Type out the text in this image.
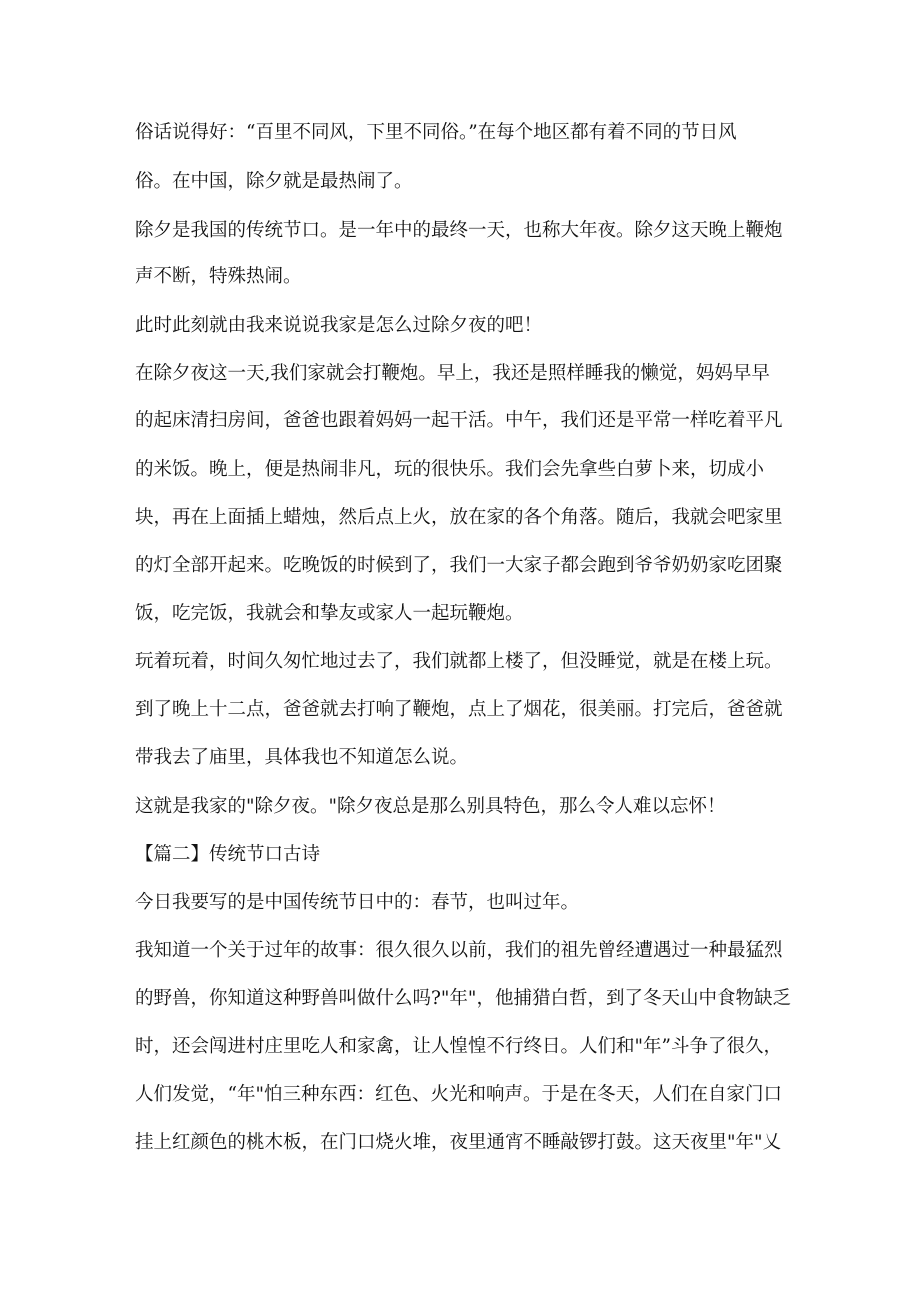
俗话说得好：“百里不同风，下里不同俗。”在每个地区都有着不同的节日风

俗。在中国，除夕就是最热闹了。

除夕是我国的传统节口。是一年中的最终一天，也称大年夜。除夕这天晚上鞭炮

声不断，特殊热闹。

此时此刻就由我来说说我家是怎么过除夕夜的吧！

在除夕夜这一天,我们家就会打鞭炮。早上，我还是照样睡我的懒觉，妈妈早早

的起床清扫房间，爸爸也跟着妈妈一起干活。中午，我们还是平常一样吃着平凡

的米饭。晚上，便是热闹非凡，玩的很快乐。我们会先拿些白萝卜来，切成小

块，再在上面插上蜡烛，然后点上火，放在家的各个角落。随后，我就会吧家里

的灯全部开起来。吃晚饭的时候到了，我们一大家子都会跑到爷爷奶奶家吃团聚

饭，吃完饭，我就会和挚友或家人一起玩鞭炮。

玩着玩着，时间久匆忙地过去了，我们就都上楼了，但没睡觉，就是在楼上玩。

到了晚上十二点，爸爸就去打响了鞭炮，点上了烟花，很美丽。打完后，爸爸就

带我去了庙里，具体我也不知道怎么说。

这就是我家的"除夕夜。"除夕夜总是那么别具特色，那么令人难以忘怀！

【篇二】传统节口古诗

今日我要写的是中国传统节日中的：春节，也叫过年。

我知道一个关于过年的故事：很久很久以前，我们的祖先曾经遭遇过一种最猛烈

的野兽，你知道这种野兽叫做什么吗?"年"，他捕猎白哲，到了冬天山中食物缺乏

时，还会闯进村庄里吃人和家禽，让人惶惶不行终日。人们和"年”斗争了很久，

人们发觉，“年"怕三种东西：红色、火光和响声。于是在冬天，人们在自家门口

挂上红颜色的桃木板，在门口烧火堆，夜里通宵不睡敲锣打鼓。这天夜里"年"乂
